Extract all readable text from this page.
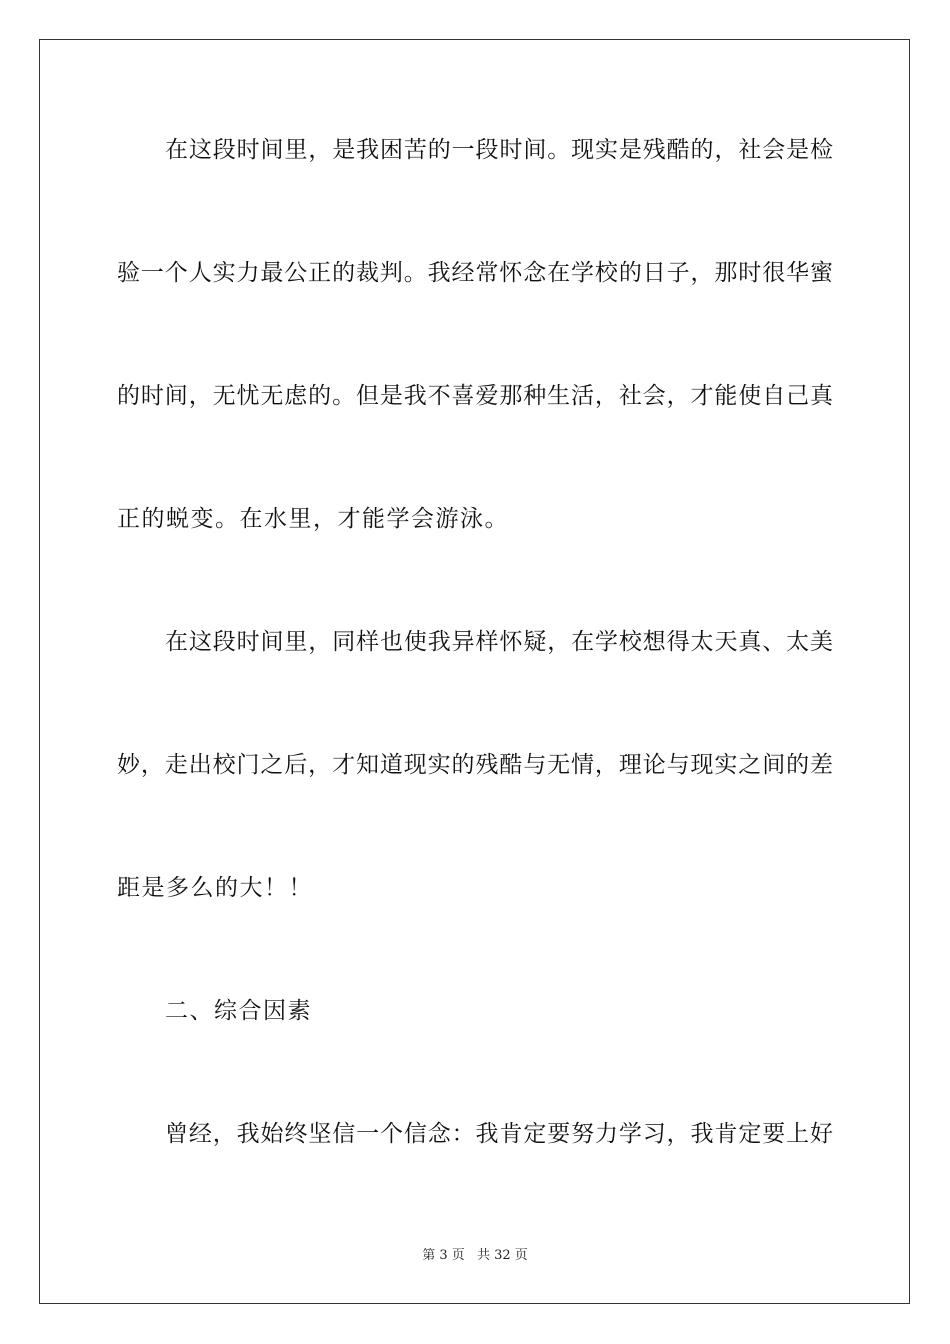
在这段时间里，是我困苦的一段时间。现实是残酷的，社会是检
验一个人实力最公正的裁判。我经常怀念在学校的日子，那时很华蜜
的时间，无忧无虑的。但是我不喜爱那种生活，社会，才能使自己真
正的蜕变。在水里，才能学会游泳。
在这段时间里，同样也使我异样怀疑，在学校想得太天真、太美
妙，走出校门之后，才知道现实的残酷与无情，理论与现实之间的差
距是多么的大！！
二、综合因素
曾经，我始终坚信一个信念：我肯定要努力学习，我肯定要上好
第 3 页 共 32 页
